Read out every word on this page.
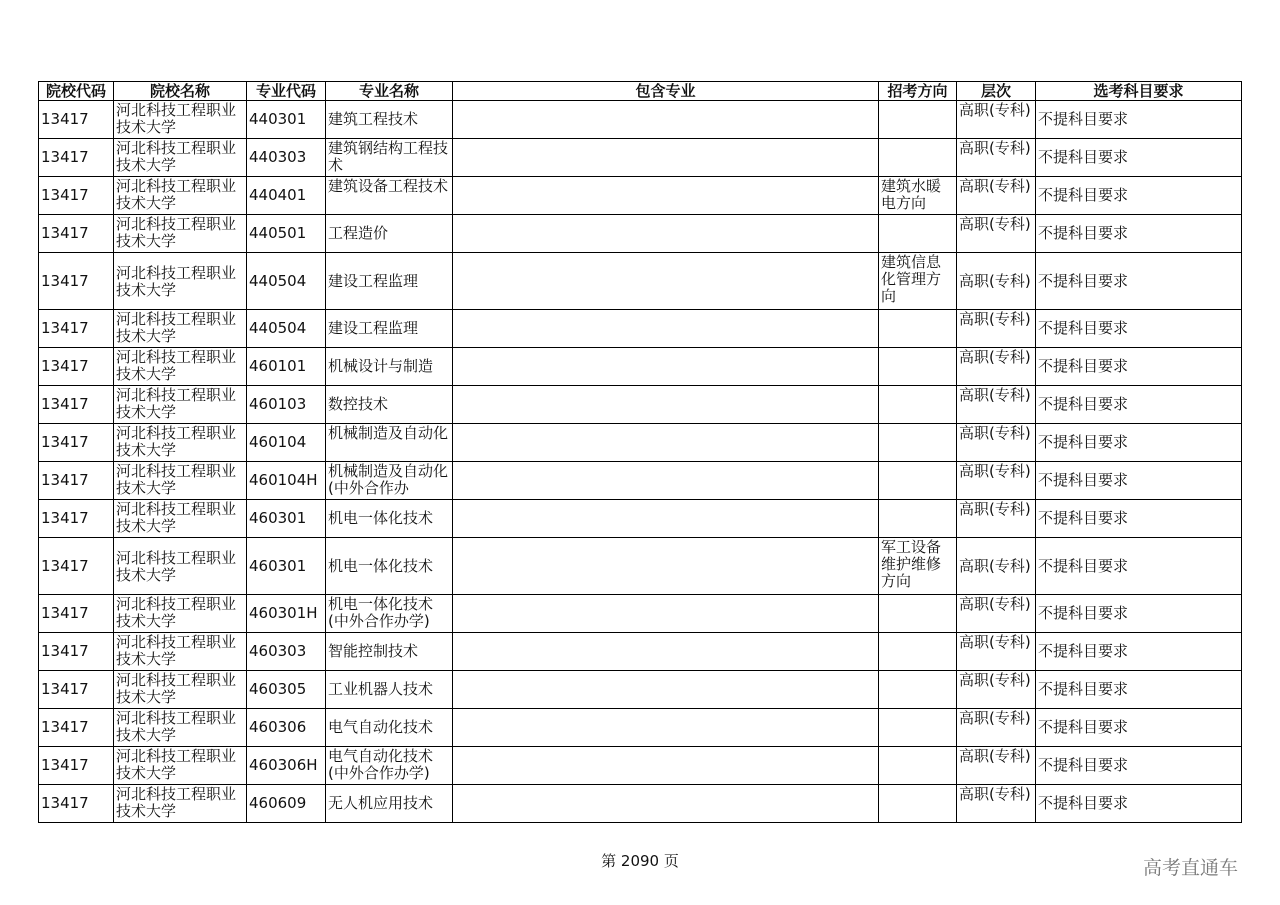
院校代码	院校名称	专业代码	专业名称	包含专业	招考方向	层次	选考科目要求
13417	河北科技工程职业技术大学	440301	建筑工程技术			高职(专科)	不提科目要求
13417	河北科技工程职业技术大学	440303	建筑钢结构工程技术			高职(专科)	不提科目要求
13417	河北科技工程职业技术大学	440401	建筑设备工程技术		建筑水暖电方向	高职(专科)	不提科目要求
13417	河北科技工程职业技术大学	440501	工程造价			高职(专科)	不提科目要求
13417	河北科技工程职业技术大学	440504	建设工程监理		建筑信息化管理方向	高职(专科)	不提科目要求
13417	河北科技工程职业技术大学	440504	建设工程监理			高职(专科)	不提科目要求
13417	河北科技工程职业技术大学	460101	机械设计与制造			高职(专科)	不提科目要求
13417	河北科技工程职业技术大学	460103	数控技术			高职(专科)	不提科目要求
13417	河北科技工程职业技术大学	460104	机械制造及自动化			高职(专科)	不提科目要求
13417	河北科技工程职业技术大学	460104H	机械制造及自动化(中外合作办			高职(专科)	不提科目要求
13417	河北科技工程职业技术大学	460301	机电一体化技术			高职(专科)	不提科目要求
13417	河北科技工程职业技术大学	460301	机电一体化技术		军工设备维护维修方向	高职(专科)	不提科目要求
13417	河北科技工程职业技术大学	460301H	机电一体化技术(中外合作办学)			高职(专科)	不提科目要求
13417	河北科技工程职业技术大学	460303	智能控制技术			高职(专科)	不提科目要求
13417	河北科技工程职业技术大学	460305	工业机器人技术			高职(专科)	不提科目要求
13417	河北科技工程职业技术大学	460306	电气自动化技术			高职(专科)	不提科目要求
13417	河北科技工程职业技术大学	460306H	电气自动化技术(中外合作办学)			高职(专科)	不提科目要求
13417	河北科技工程职业技术大学	460609	无人机应用技术			高职(专科)	不提科目要求
第 2090 页	高考直通车
